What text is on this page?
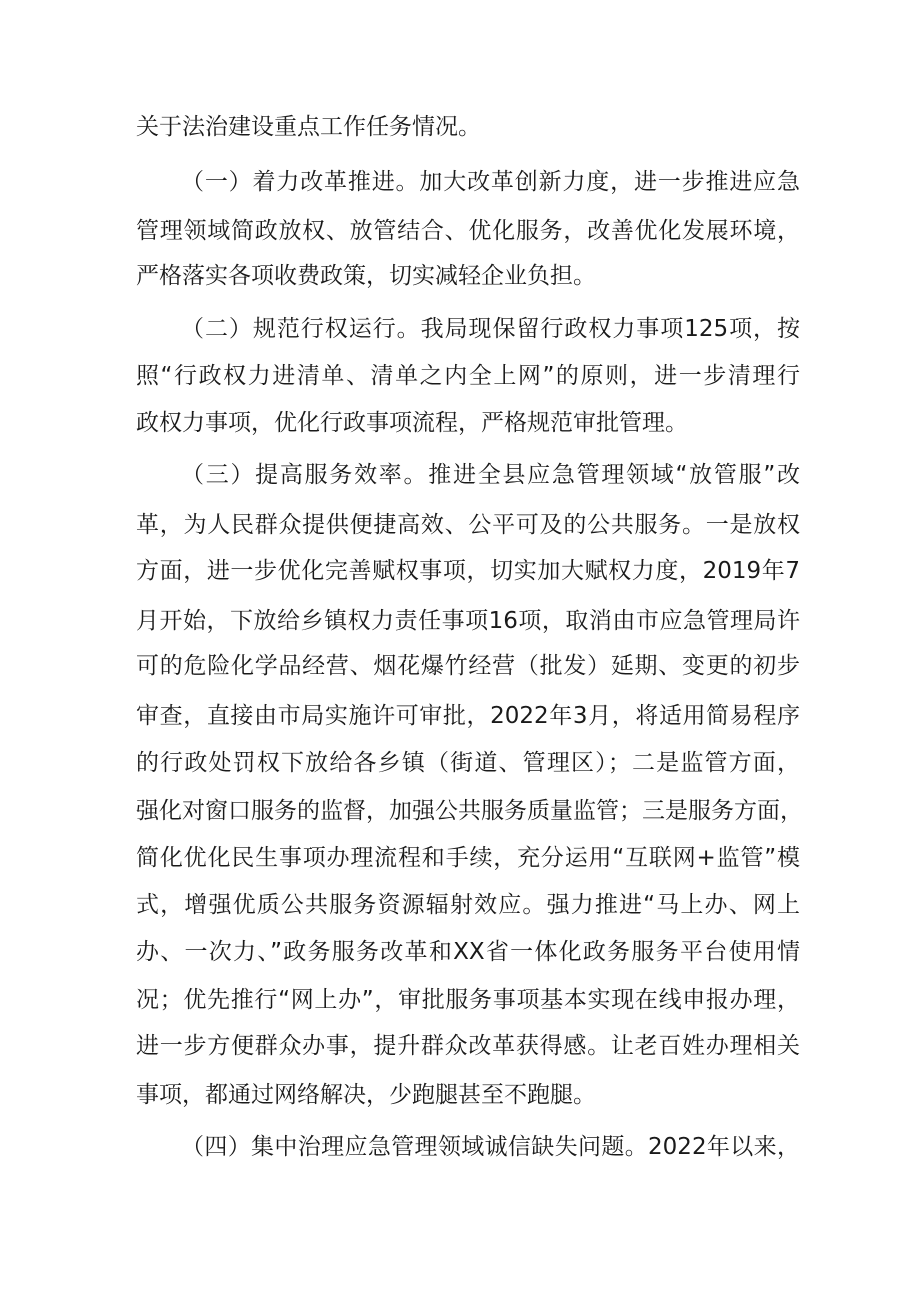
关于法治建设重点工作任务情况。
（一）着力改革推进。加大改革创新力度，进一步推进应急
管理领域简政放权、放管结合、优化服务，改善优化发展环境，
严格落实各项收费政策，切实减轻企业负担。
（二）规范行权运行。我局现保留行政权力事项125项，按
照“行政权力进清单、清单之内全上网”的原则，进一步清理行
政权力事项，优化行政事项流程，严格规范审批管理。
（三）提高服务效率。推进全县应急管理领域“放管服”改
革，为人民群众提供便捷高效、公平可及的公共服务。一是放权
方面，进一步优化完善赋权事项，切实加大赋权力度，2019年7
月开始，下放给乡镇权力责任事项16项，取消由市应急管理局许
可的危险化学品经营、烟花爆竹经营（批发）延期、变更的初步
审查，直接由市局实施许可审批，2022年3月，将适用简易程序
的行政处罚权下放给各乡镇（街道、管理区）；二是监管方面，
强化对窗口服务的监督，加强公共服务质量监管；三是服务方面，
简化优化民生事项办理流程和手续，充分运用“互联网+监管”模
式，增强优质公共服务资源辐射效应。强力推进“马上办、网上
办、一次力、”政务服务改革和XX省一体化政务服务平台使用情
况；优先推行“网上办”，审批服务事项基本实现在线申报办理，
进一步方便群众办事，提升群众改革获得感。让老百姓办理相关
事项，都通过网络解决，少跑腿甚至不跑腿。
（四）集中治理应急管理领域诚信缺失问题。2022年以来，
